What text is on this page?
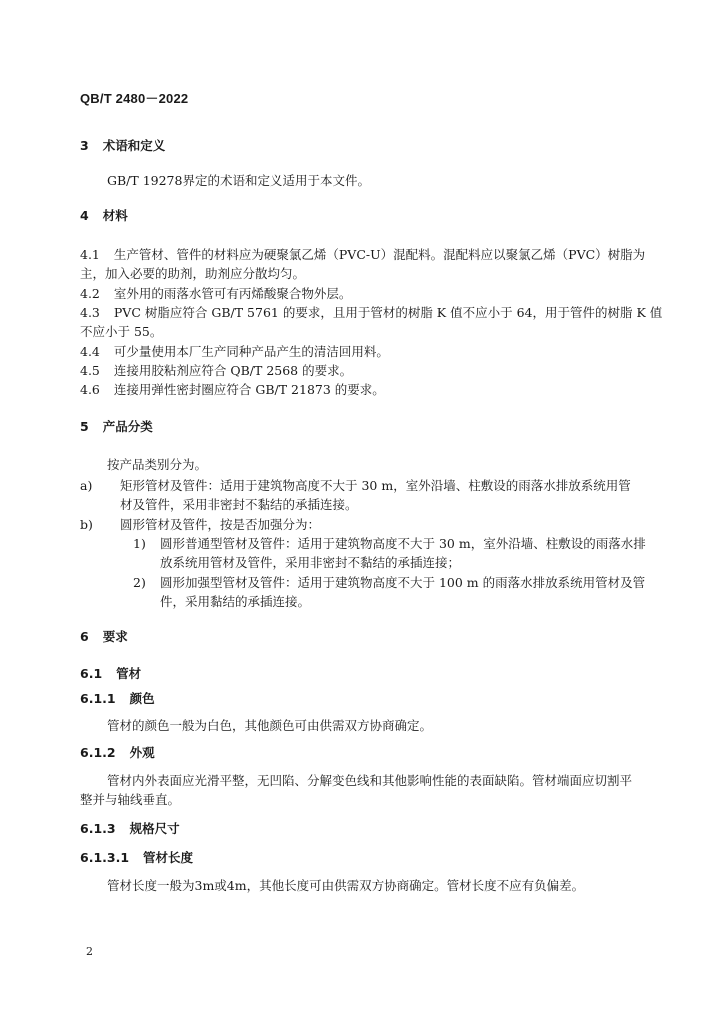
QB/T 2480－2022
3 术语和定义
GB/T 19278界定的术语和定义适用于本文件。
4 材料
4.1 生产管材、管件的材料应为硬聚氯乙烯（PVC-U）混配料。混配料应以聚氯乙烯（PVC）树脂为
主，加入必要的助剂，助剂应分散均匀。
4.2 室外用的雨落水管可有丙烯酸聚合物外层。
4.3 PVC 树脂应符合 GB/T 5761 的要求，且用于管材的树脂 K 值不应小于 64，用于管件的树脂 K 值
不应小于 55。
4.4 可少量使用本厂生产同种产品产生的清洁回用料。
4.5 连接用胶粘剂应符合 QB/T 2568 的要求。
4.6 连接用弹性密封圈应符合 GB/T 21873 的要求。
5 产品分类
按产品类别分为。
a) 矩形管材及管件：适用于建筑物高度不大于 30 m，室外沿墙、柱敷设的雨落水排放系统用管
材及管件，采用非密封不黏结的承插连接。
b) 圆形管材及管件，按是否加强分为：
1) 圆形普通型管材及管件：适用于建筑物高度不大于 30 m，室外沿墙、柱敷设的雨落水排
放系统用管材及管件，采用非密封不黏结的承插连接；
2) 圆形加强型管材及管件：适用于建筑物高度不大于 100 m 的雨落水排放系统用管材及管
件，采用黏结的承插连接。
6 要求
6.1 管材
6.1.1 颜色
管材的颜色一般为白色，其他颜色可由供需双方协商确定。
6.1.2 外观
管材内外表面应光滑平整，无凹陷、分解变色线和其他影响性能的表面缺陷。管材端面应切割平
整并与轴线垂直。
6.1.3 规格尺寸
6.1.3.1 管材长度
管材长度一般为3m或4m，其他长度可由供需双方协商确定。管材长度不应有负偏差。
2
